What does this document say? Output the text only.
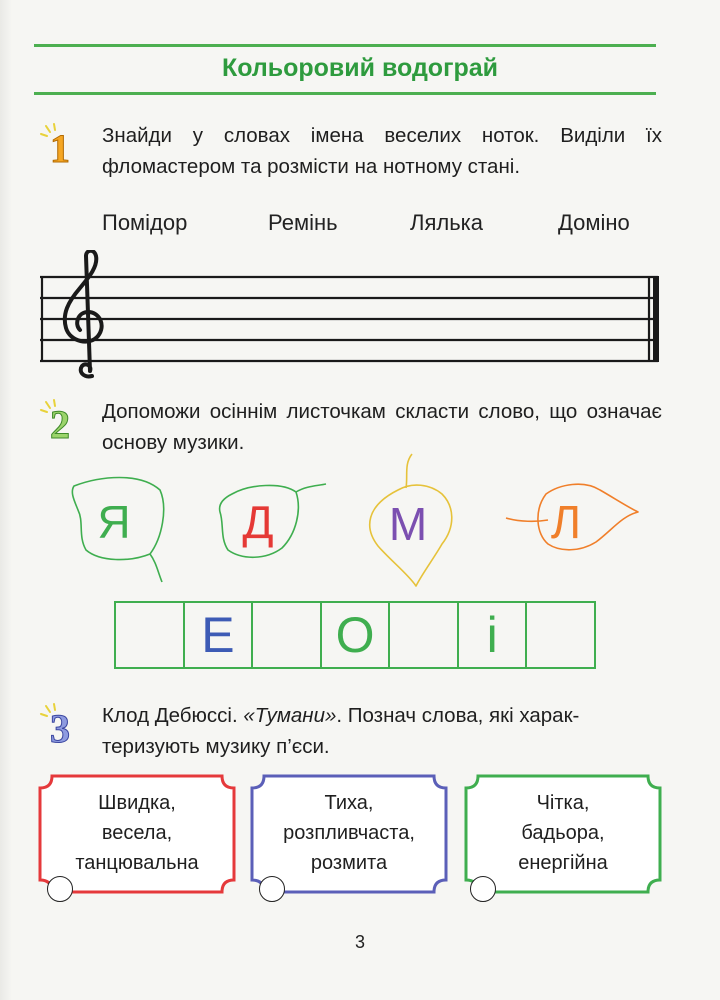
Кольоровий водограй
1 Знайди у словах імена веселих ноток. Виділи їх фломастером та розмісти на нотному стані.
Помідор	Ремінь	Лялька	Доміно
2 Допоможи осіннім листочкам скласти слово, що означає основу музики.
Я Д	М	Л
Е	О	і
3 Клод Дебюссі. «Тумани». Познач слова, які харак-
теризують музику п’єси.
Швидка,
весела,
танцювальна
Тиха,
розпливчаста,
розмита
Чітка,
бадьора,
енергійна
3
